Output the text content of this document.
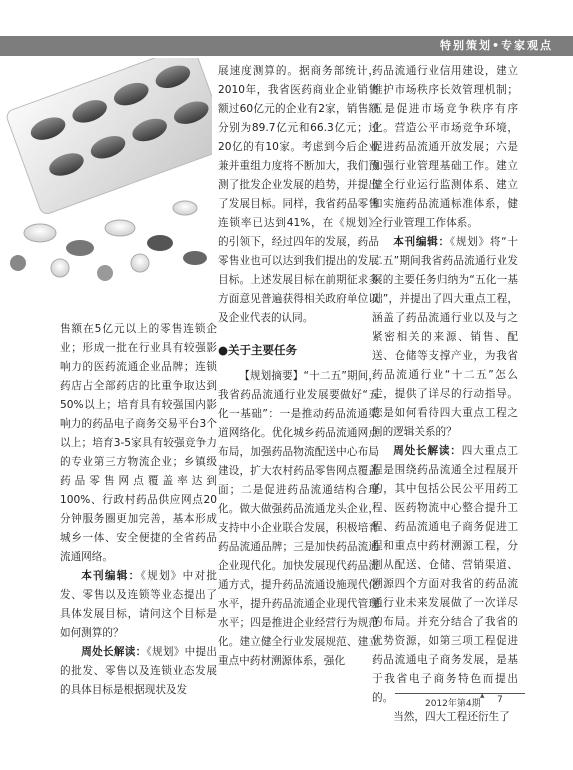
特别策划•专家观点

售额在5亿元以上的零售连锁企业；形成一批在行业具有较强影响力的医药流通企业品牌；连锁药店占全部药店的比重争取达到50%以上；培育具有较强国内影响力的药品电子商务交易平台3个以上；培育3-5家具有较强竞争力的专业第三方物流企业；乡镇级药品零售网点覆盖率达到100%、行政村药品供应网点20分钟服务圈更加完善，基本形成城乡一体、安全便捷的全省药品流通网络。

本刊编辑：《规划》中对批发、零售以及连锁等业态提出了具体发展目标，请问这个目标是如何测算的？

周处长解读：《规划》中提出的批发、零售以及连锁业态发展的具体目标是根据现状及发

展速度测算的。据商务部统计，2010年，我省医药商业企业销售额过60亿元的企业有2家，销售额分别为89.7亿元和66.3亿元；过20亿的有10家。考虑到今后企业兼并重组力度将不断加大，我们预测了批发企业发展的趋势，并提出了发展目标。同样，我省药品零售连锁率已达到41%，在《规划》的引领下，经过四年的发展，药品零售业也可以达到我们提出的发展目标。上述发展目标在前期征求多方面意见普遍获得相关政府单位以及企业代表的认同。

●关于主要任务

【规划摘要】“十二五”期间，我省药品流通行业发展要做好“五化一基础”：一是推动药品流通渠道网络化。优化城乡药品流通网点布局，加强药品物流配送中心布局建设，扩大农村药品零售网点覆盖面；二是促进药品流通结构合理化。做大做强药品流通龙头企业，支持中小企业联合发展，积极培育药品流通品牌；三是加快药品流通企业现代化。加快发展现代药品流通方式，提升药品流通设施现代化水平，提升药品流通企业现代管理水平；四是推进企业经营行为规范化。建立健全行业发展规范、建立重点中药材溯源体系，强化

药品流通行业信用建设，建立维护市场秩序长效管理机制；五是促进市场竞争秩序有序化。营造公平市场竞争环境，促进药品流通开放发展；六是加强行业管理基础工作。建立健全行业运行监测体系、建立和实施药品流通标准体系，健全行业管理工作体系。

本刊编辑：《规划》将“十二五”期间我省药品流通行业发展的主要任务归纳为“五化一基础”，并提出了四大重点工程，涵盖了药品流通行业以及与之紧密相关的来源、销售、配送、仓储等支撑产业，为我省药品流通行业“十二五”怎么走，提供了详尽的行动指导。您是如何看待四大重点工程之间的逻辑关系的？

周处长解读：四大重点工程是围绕药品流通全过程展开的，其中包括公民公平用药工程、医药物流中心整合提升工程、药品流通电子商务促进工程和重点中药材溯源工程，分别从配送、仓储、营销渠道、溯源四个方面对我省的药品流通行业未来发展做了一次详尽的布局。并充分结合了我省的优势资源，如第三项工程促进药品流通电子商务发展，是基于我省电子商务特色而提出的。

当然，四大工程还衍生了

2012年第4期
▴ 7
